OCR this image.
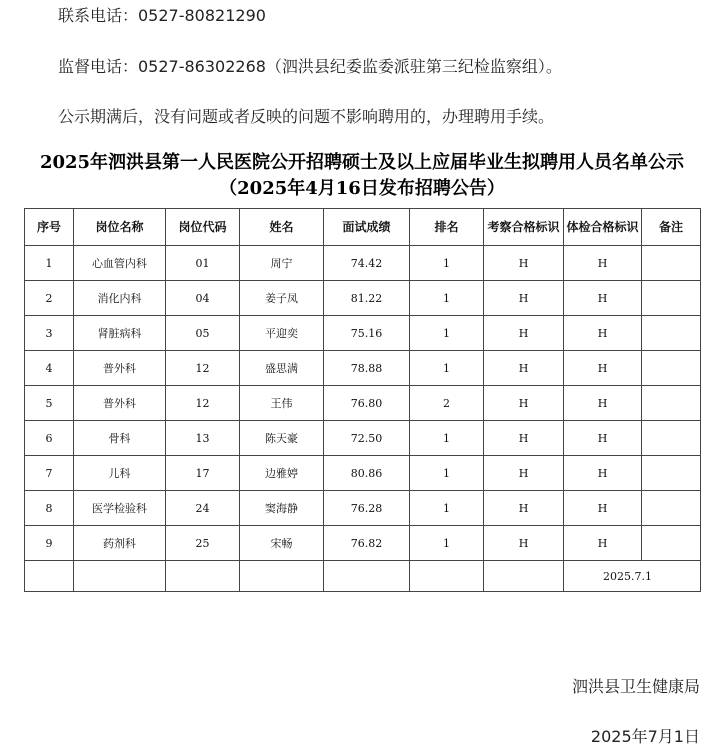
联系电话：0527-80821290
监督电话：0527-86302268（泗洪县纪委监委派驻第三纪检监察组）。
公示期满后，没有问题或者反映的问题不影响聘用的，办理聘用手续。
2025年泗洪县第一人民医院公开招聘硕士及以上应届毕业生拟聘用人员名单公示（2025年4月16日发布招聘公告）
序号	岗位名称	岗位代码	姓名	面试成绩	排名	考察合格标识	体检合格标识	备注
1	心血管内科	01	周宁	74.42	1	H	H	
2	消化内科	04	姜子凤	81.22	1	H	H	
3	肾脏病科	05	平迎奕	75.16	1	H	H	
4	普外科	12	盛思满	78.88	1	H	H	
5	普外科	12	王伟	76.80	2	H	H	
6	骨科	13	陈天豪	72.50	1	H	H	
7	儿科	17	边雅婷	80.86	1	H	H	
8	医学检验科	24	窦海静	76.28	1	H	H	
9	药剂科	25	宋畅	76.82	1	H	H	
							2025.7.1	
泗洪县卫生健康局
2025年7月1日
